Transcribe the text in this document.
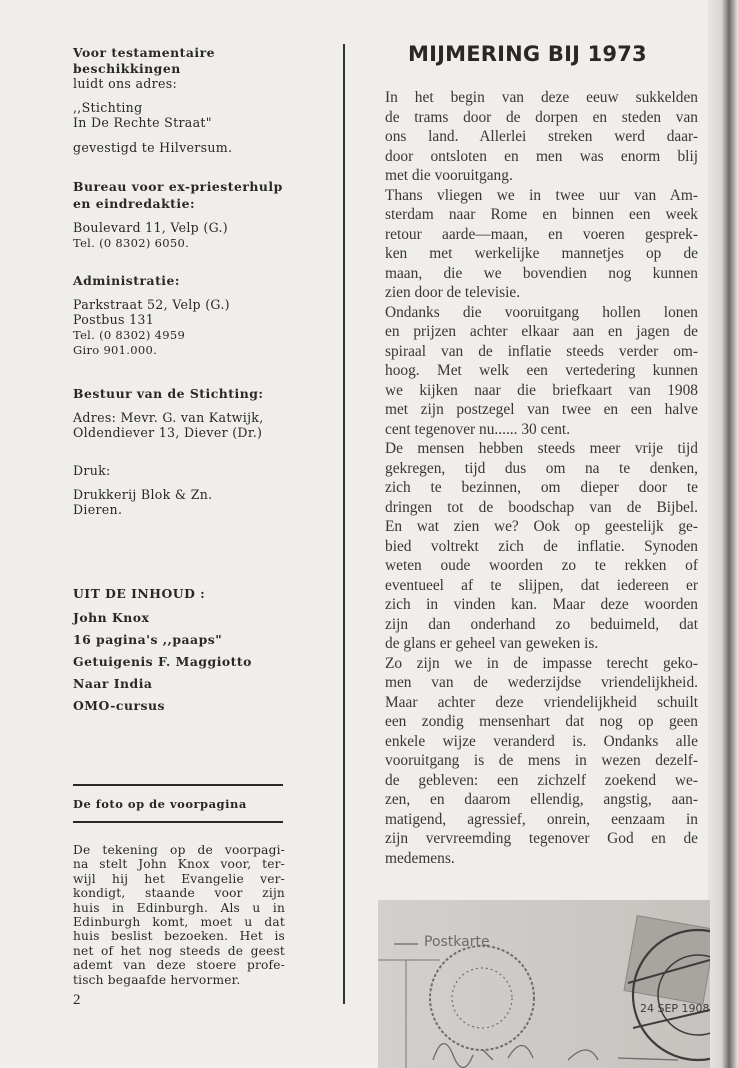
Voor testamentaire
beschikkingen
luidt ons adres:
,,Stichting
In De Rechte Straat"
gevestigd te Hilversum.
Bureau voor ex-priesterhulp
en eindredaktie:
Boulevard 11, Velp (G.)
Tel. (0 8302) 6050.
Administratie:
Parkstraat 52, Velp (G.)
Postbus 131
Tel. (0 8302) 4959
Giro 901.000.
Bestuur van de Stichting:
Adres: Mevr. G. van Katwijk,
Oldendiever 13, Diever (Dr.)
Druk:
Drukkerij Blok & Zn.
Dieren.
UIT DE INHOUD :
John Knox
16 pagina's ,,paaps"
Getuigenis F. Maggiotto
Naar India
OMO-cursus
De foto op de voorpagina
De tekening op de voorpagi-
na stelt John Knox voor, ter-
wijl hij het Evangelie ver-
kondigt, staande voor zijn
huis in Edinburgh. Als u in
Edinburgh komt, moet u dat
huis beslist bezoeken. Het is
net of het nog steeds de geest
ademt van deze stoere profe-
tisch begaafde hervormer.
2
MIJMERING BIJ 1973
In het begin van deze eeuw sukkelden
de trams door de dorpen en steden van
ons land. Allerlei streken werd daar-
door ontsloten en men was enorm blij
met die vooruitgang.
Thans vliegen we in twee uur van Am-
sterdam naar Rome en binnen een week
retour aarde—maan, en voeren gesprek-
ken met werkelijke mannetjes op de
maan, die we bovendien nog kunnen
zien door de televisie.
Ondanks die vooruitgang hollen lonen
en prijzen achter elkaar aan en jagen de
spiraal van de inflatie steeds verder om-
hoog. Met welk een vertedering kunnen
we kijken naar die briefkaart van 1908
met zijn postzegel van twee en een halve
cent tegenover nu...... 30 cent.
De mensen hebben steeds meer vrije tijd
gekregen, tijd dus om na te denken,
zich te bezinnen, om dieper door te
dringen tot de boodschap van de Bijbel.
En wat zien we? Ook op geestelijk ge-
bied voltrekt zich de inflatie. Synoden
weten oude woorden zo te rekken of
eventueel af te slijpen, dat iedereen er
zich in vinden kan. Maar deze woorden
zijn dan onderhand zo beduimeld, dat
de glans er geheel van geweken is.
Zo zijn we in de impasse terecht geko-
men van de wederzijdse vriendelijkheid.
Maar achter deze vriendelijkheid schuilt
een zondig mensenhart dat nog op geen
enkele wijze veranderd is. Ondanks alle
vooruitgang is de mens in wezen dezelf-
de gebleven: een zichzelf zoekend we-
zen, en daarom ellendig, angstig, aan-
matigend, agressief, onrein, eenzaam in
zijn vervreemding tegenover God en de
medemens.
Postkarte
24 SEP 1908
